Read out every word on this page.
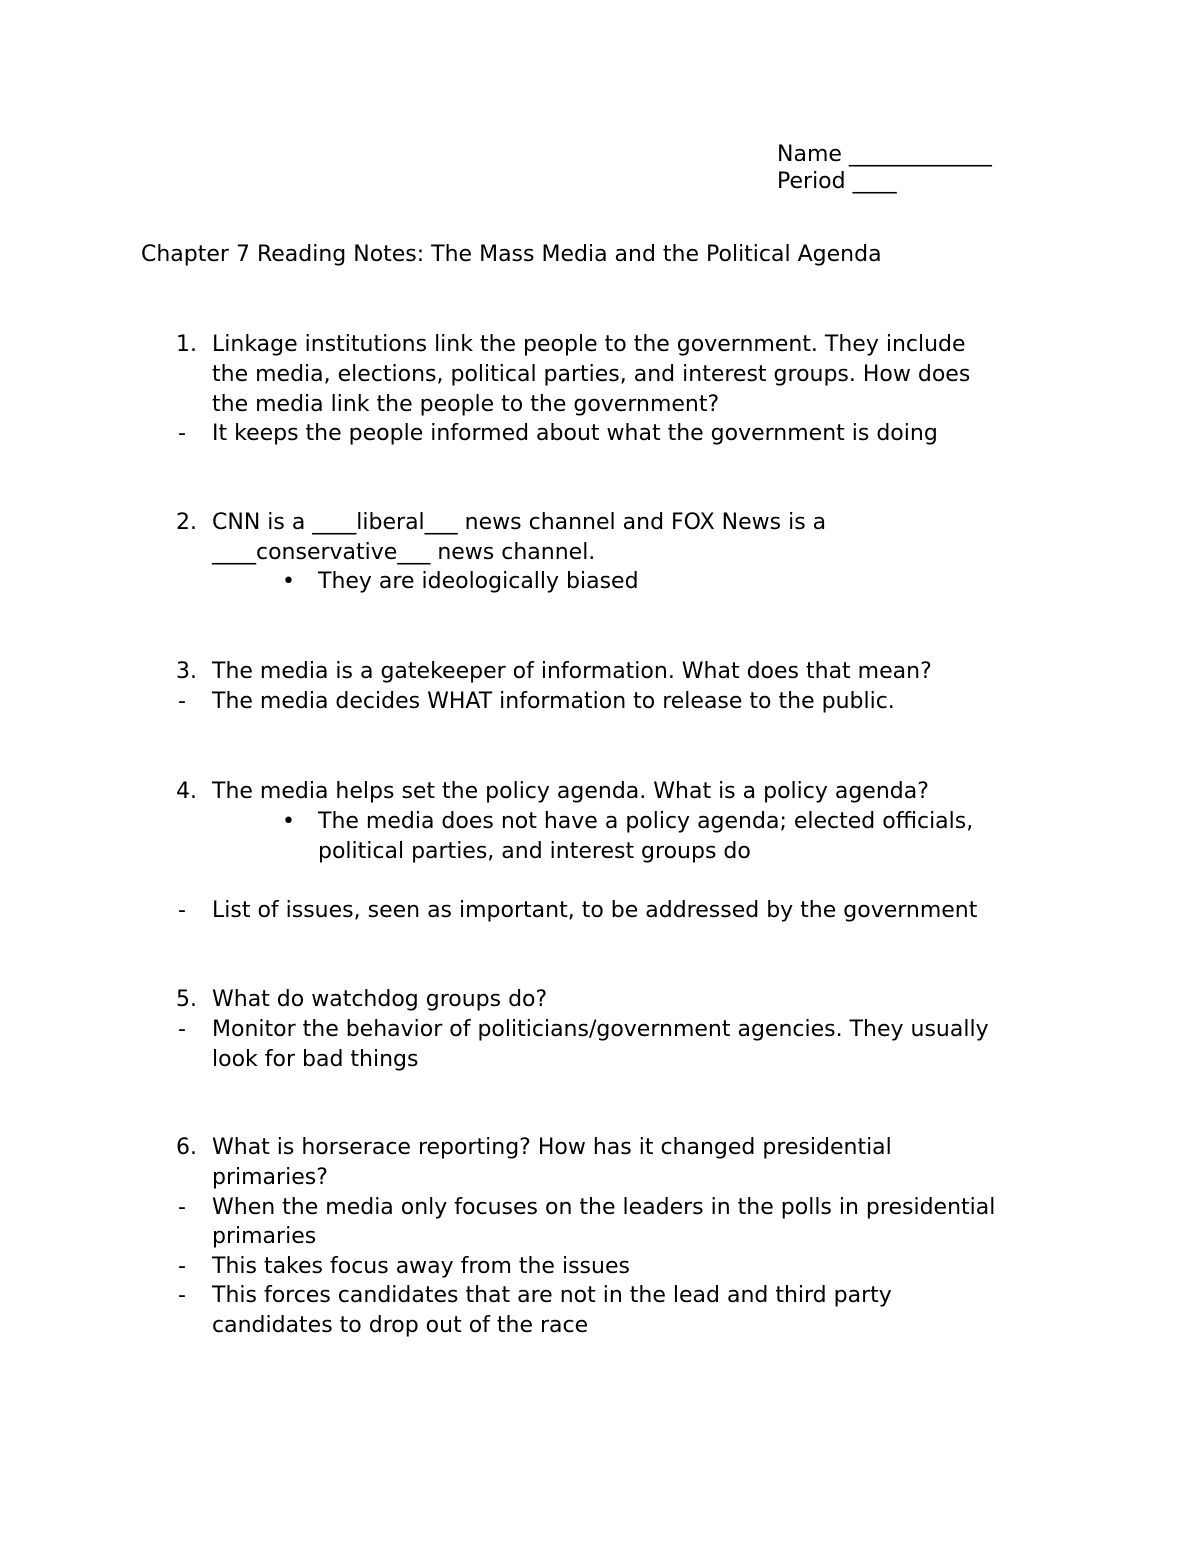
Name _____________
Period ____
Chapter 7 Reading Notes: The Mass Media and the Political Agenda
1. Linkage institutions link the people to the government. They include
the media, elections, political parties, and interest groups. How does
the media link the people to the government?
- It keeps the people informed about what the government is doing
2. CNN is a ____liberal___ news channel and FOX News is a
____conservative___ news channel.
• They are ideologically biased
3. The media is a gatekeeper of information. What does that mean?
- The media decides WHAT information to release to the public.
4. The media helps set the policy agenda. What is a policy agenda?
• The media does not have a policy agenda; elected officials,
political parties, and interest groups do
- List of issues, seen as important, to be addressed by the government
5. What do watchdog groups do?
- Monitor the behavior of politicians/government agencies. They usually
look for bad things
6. What is horserace reporting? How has it changed presidential
primaries?
- When the media only focuses on the leaders in the polls in presidential
primaries
- This takes focus away from the issues
- This forces candidates that are not in the lead and third party
candidates to drop out of the race
